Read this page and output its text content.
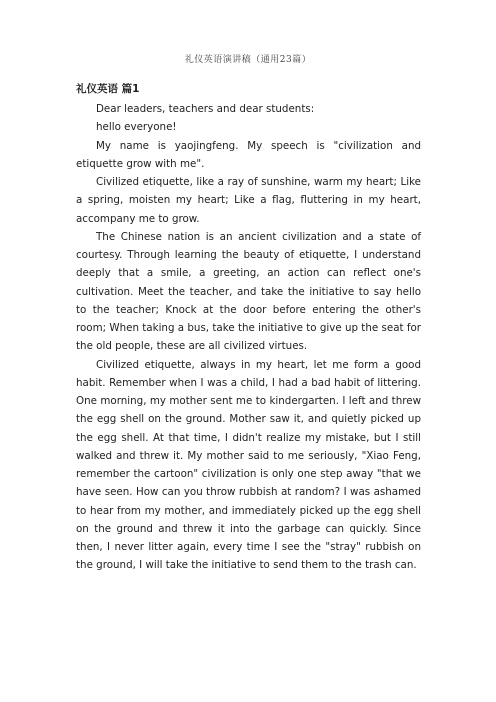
礼仪英语演讲稿（通用23篇）
礼仪英语 篇1

Dear leaders, teachers and dear students:

hello everyone!

My name is yaojingfeng. My speech is "civilization and etiquette grow with me".

Civilized etiquette, like a ray of sunshine, warm my heart; Like a spring, moisten my heart; Like a flag, fluttering in my heart, accompany me to grow.

The Chinese nation is an ancient civilization and a state of courtesy. Through learning the beauty of etiquette, I understand deeply that a smile, a greeting, an action can reflect one's cultivation. Meet the teacher, and take the initiative to say hello to the teacher; Knock at the door before entering the other's room; When taking a bus, take the initiative to give up the seat for the old people, these are all civilized virtues.

Civilized etiquette, always in my heart, let me form a good habit. Remember when I was a child, I had a bad habit of littering. One morning, my mother sent me to kindergarten. I left and threw the egg shell on the ground. Mother saw it, and quietly picked up the egg shell. At that time, I didn't realize my mistake, but I still walked and threw it. My mother said to me seriously, "Xiao Feng, remember the cartoon" civilization is only one step away "that we have seen. How can you throw rubbish at random? I was ashamed to hear from my mother, and immediately picked up the egg shell on the ground and threw it into the garbage can quickly. Since then, I never litter again, every time I see the "stray" rubbish on the ground, I will take the initiative to send them to the trash can.
